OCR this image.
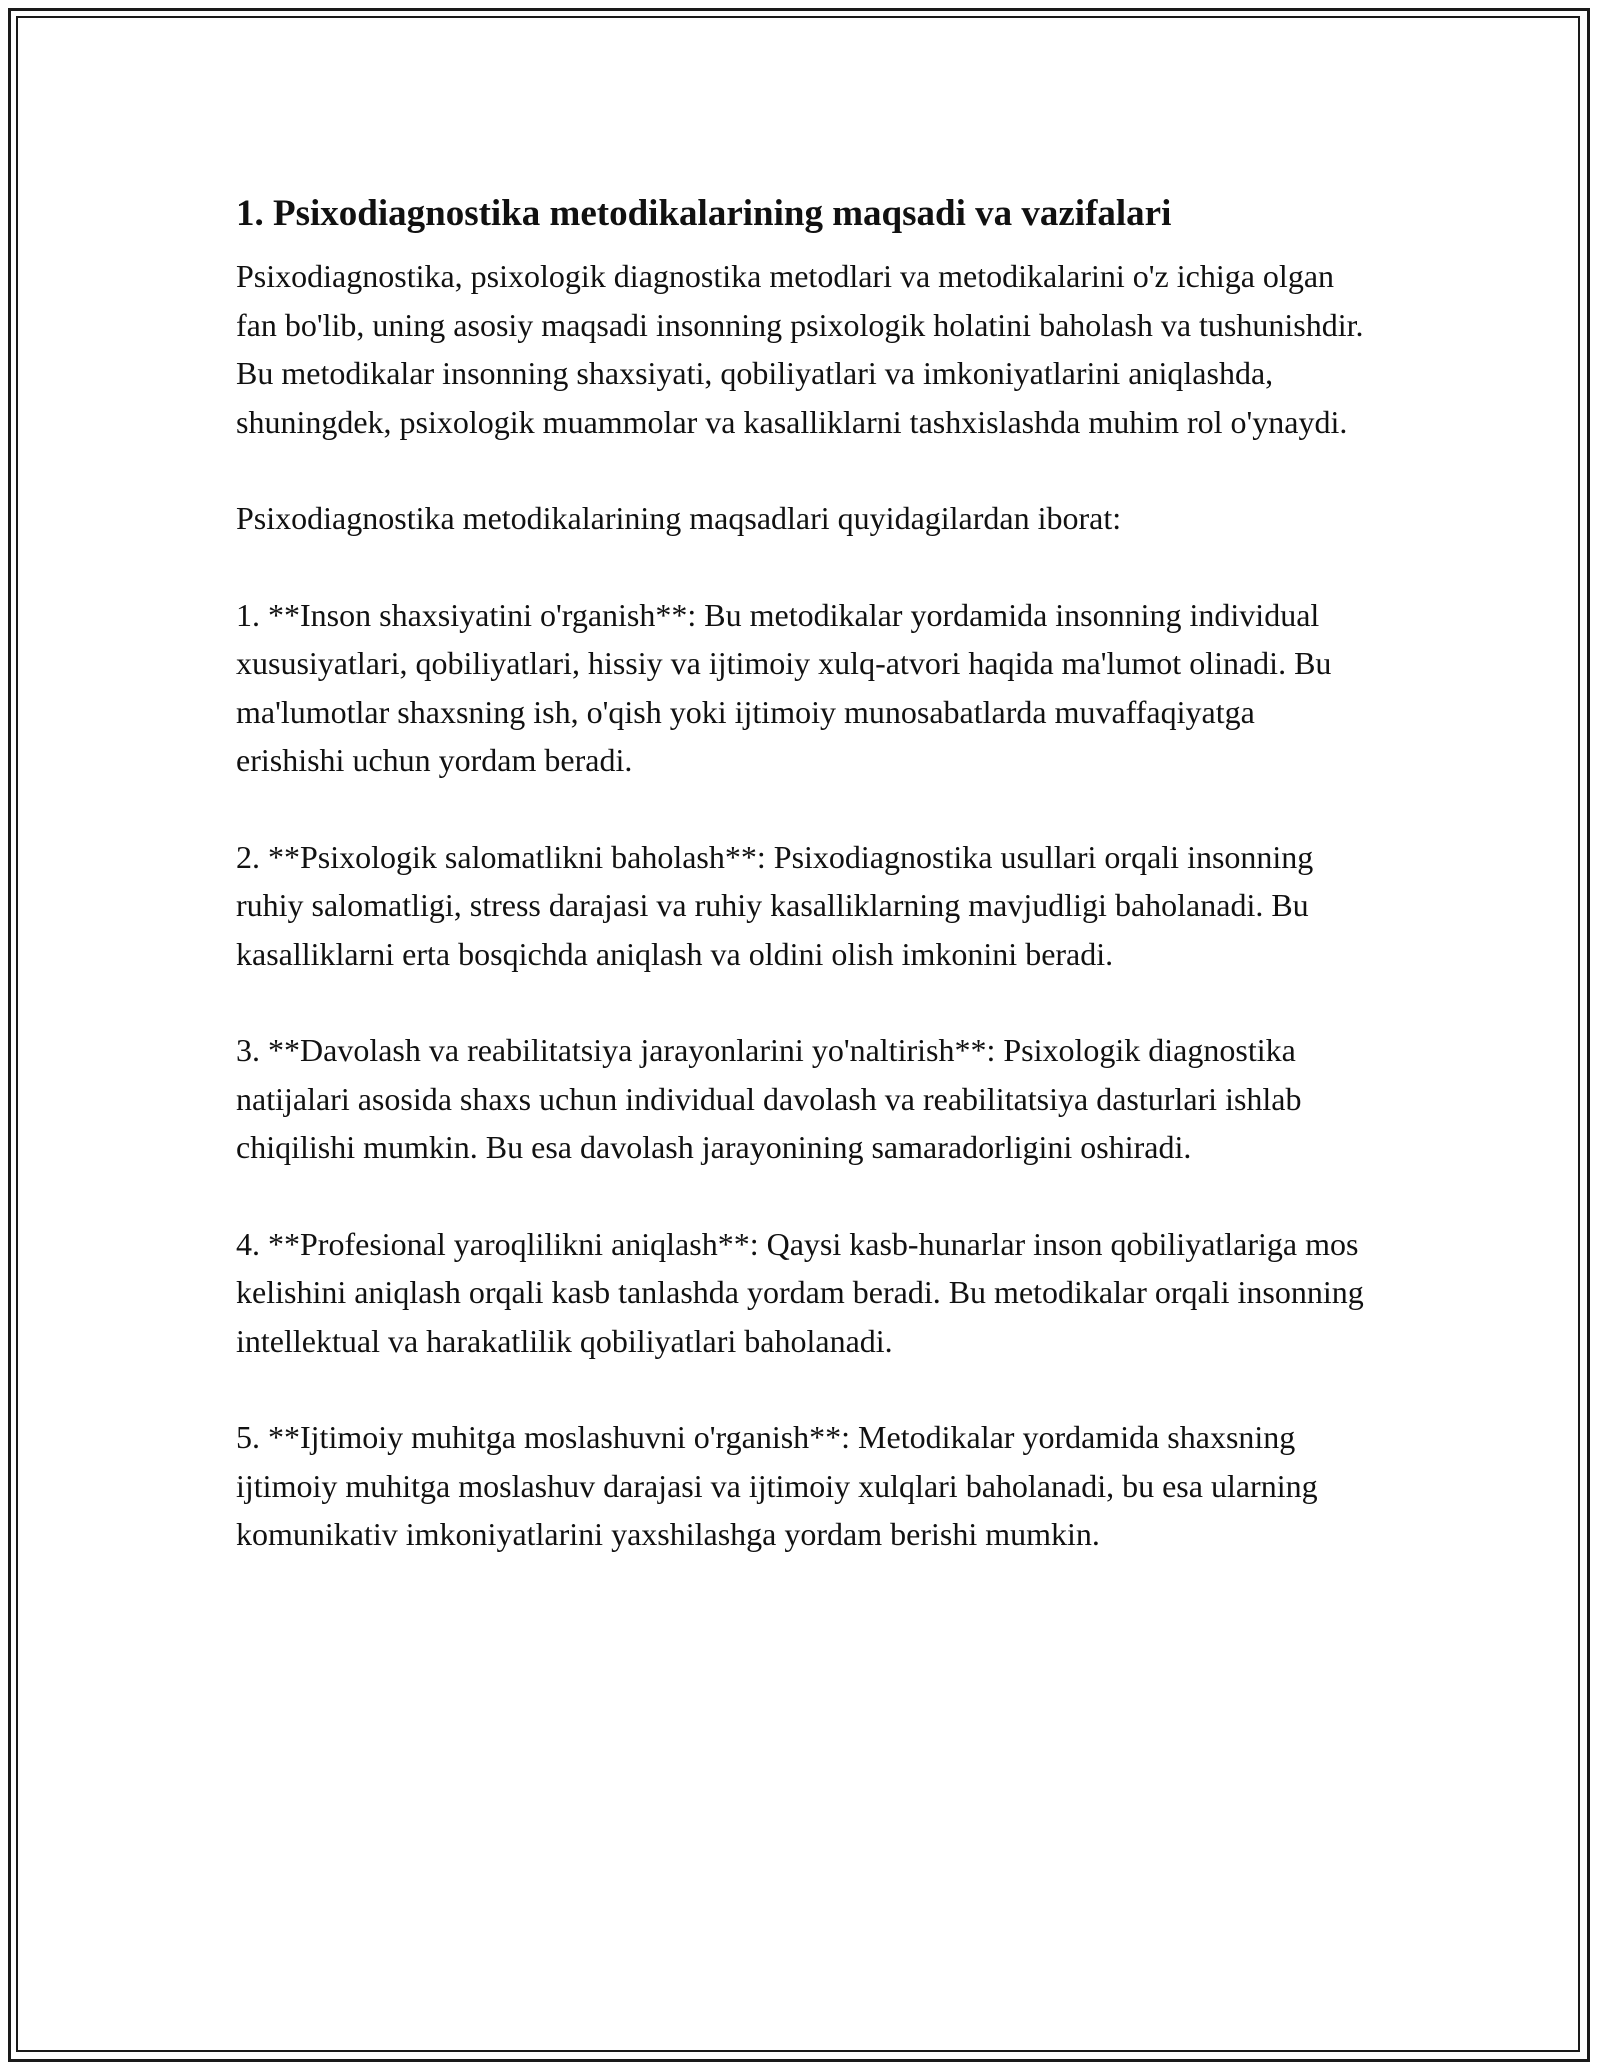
1. Psixodiagnostika metodikalarining maqsadi va vazifalari

Psixodiagnostika, psixologik diagnostika metodlari va metodikalarini o'z ichiga olgan fan bo'lib, uning asosiy maqsadi insonning psixologik holatini baholash va tushunishdir. Bu metodikalar insonning shaxsiyati, qobiliyatlari va imkoniyatlarini aniqlashda, shuningdek, psixologik muammolar va kasalliklarni tashxislashda muhim rol o'ynaydi.

Psixodiagnostika metodikalarining maqsadlari quyidagilardan iborat:

1. **Inson shaxsiyatini o'rganish**: Bu metodikalar yordamida insonning individual xususiyatlari, qobiliyatlari, hissiy va ijtimoiy xulq-atvori haqida ma'lumot olinadi. Bu ma'lumotlar shaxsning ish, o'qish yoki ijtimoiy munosabatlarda muvaffaqiyatga erishishi uchun yordam beradi.

2. **Psixologik salomatlikni baholash**: Psixodiagnostika usullari orqali insonning ruhiy salomatligi, stress darajasi va ruhiy kasalliklarning mavjudligi baholanadi. Bu kasalliklarni erta bosqichda aniqlash va oldini olish imkonini beradi.

3. **Davolash va reabilitatsiya jarayonlarini yo'naltirish**: Psixologik diagnostika natijalari asosida shaxs uchun individual davolash va reabilitatsiya dasturlari ishlab chiqilishi mumkin. Bu esa davolash jarayonining samaradorligini oshiradi.

4. **Profesional yaroqlilikni aniqlash**: Qaysi kasb-hunarlar inson qobiliyatlariga mos kelishini aniqlash orqali kasb tanlashda yordam beradi. Bu metodikalar orqali insonning intellektual va harakatlilik qobiliyatlari baholanadi.

5. **Ijtimoiy muhitga moslashuvni o'rganish**: Metodikalar yordamida shaxsning ijtimoiy muhitga moslashuv darajasi va ijtimoiy xulqlari baholanadi, bu esa ularning komunikativ imkoniyatlarini yaxshilashga yordam berishi mumkin.
